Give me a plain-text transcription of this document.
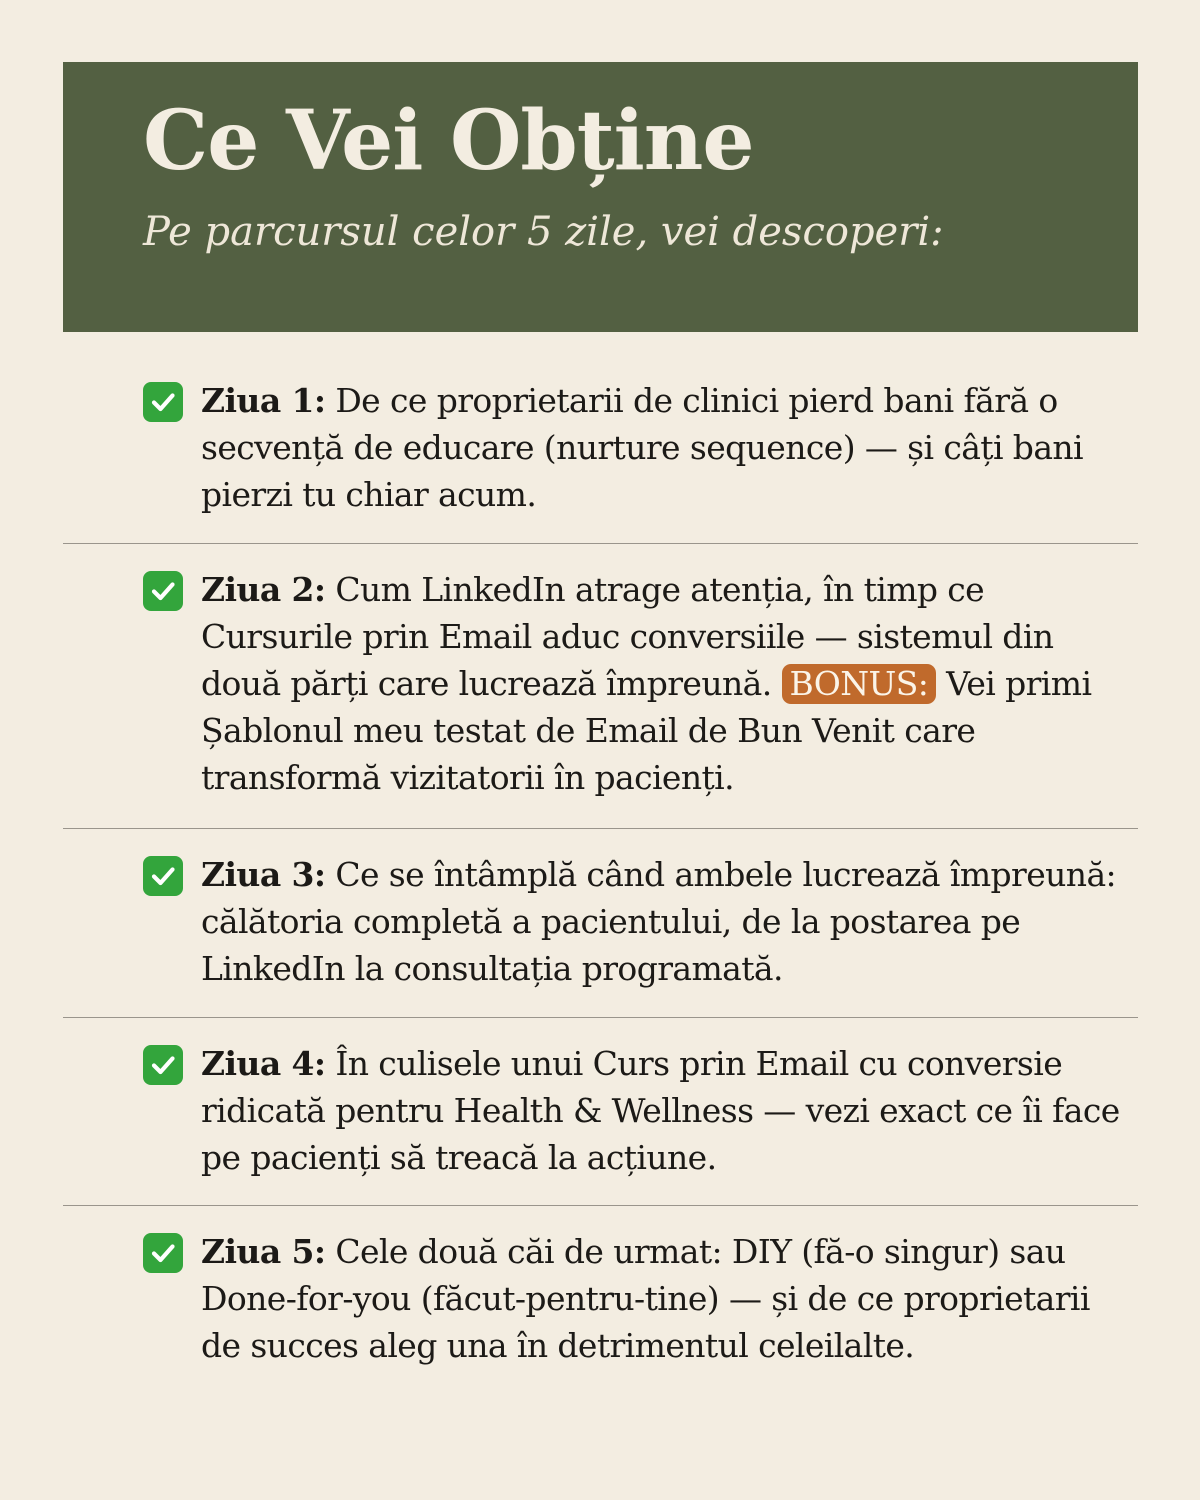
Ce Vei Obține

Pe parcursul celor 5 zile, vei descoperi:

Ziua 1: De ce proprietarii de clinici pierd bani fără o secvență de educare (nurture sequence) — și câți bani pierzi tu chiar acum.
Ziua 2: Cum LinkedIn atrage atenția, în timp ce Cursurile prin Email aduc conversiile — sistemul din două părți care lucrează împreună. BONUS: Vei primi Șablonul meu testat de Email de Bun Venit care transformă vizitatorii în pacienți.
Ziua 3: Ce se întâmplă când ambele lucrează împreună: călătoria completă a pacientului, de la postarea pe LinkedIn la consultația programată.
Ziua 4: În culisele unui Curs prin Email cu conversie ridicată pentru Health & Wellness — vezi exact ce îi face pe pacienți să treacă la acțiune.
Ziua 5: Cele două căi de urmat: DIY (fă-o singur) sau Done-for-you (făcut-pentru-tine) — și de ce proprietarii de succes aleg una în detrimentul celeilalte.
